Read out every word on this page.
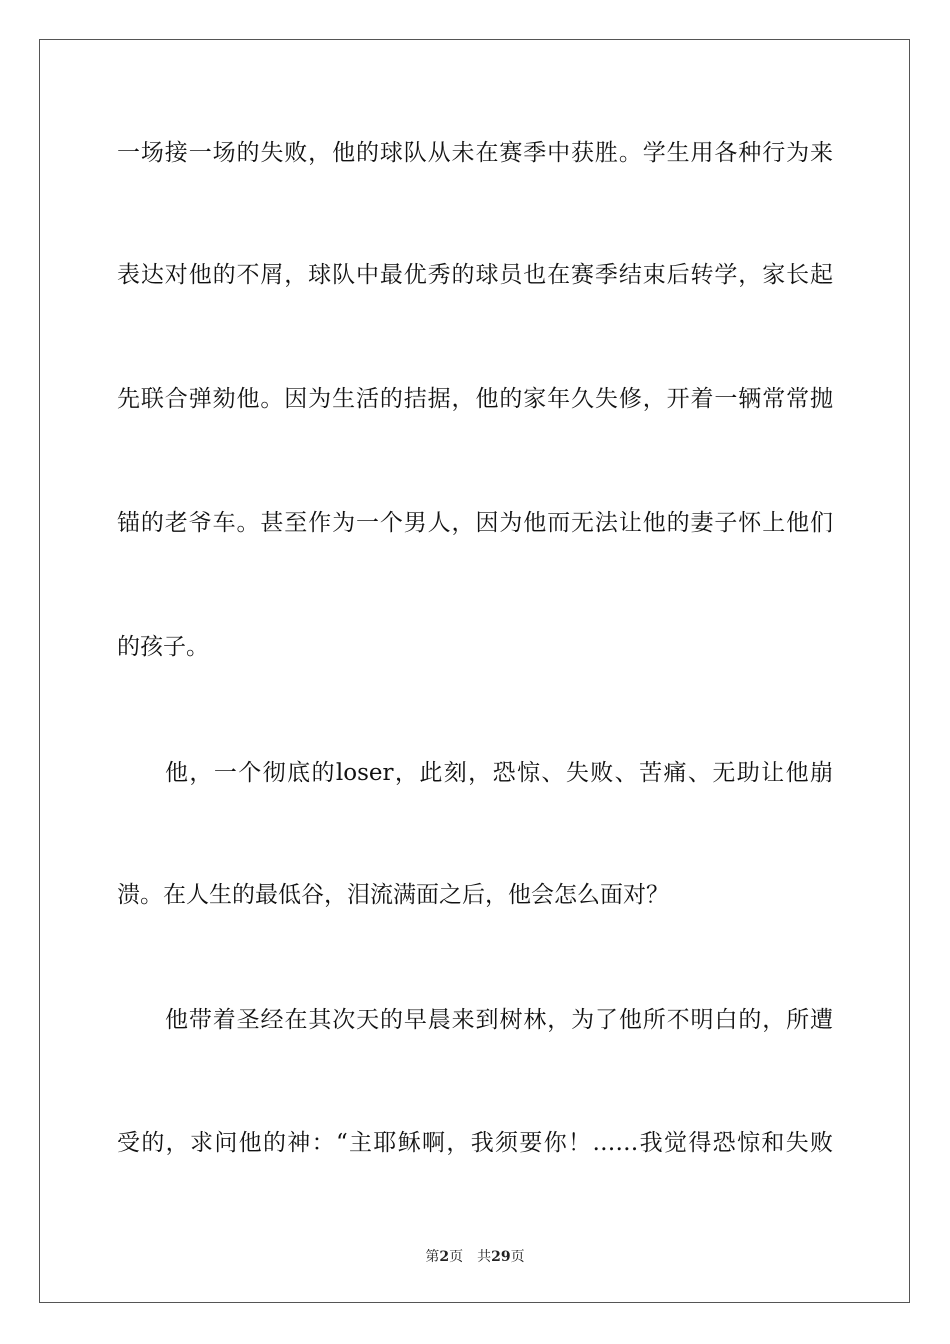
一场接一场的失败，他的球队从未在赛季中获胜。学生用各种行为来
表达对他的不屑，球队中最优秀的球员也在赛季结束后转学，家长起
先联合弹劾他。因为生活的拮据，他的家年久失修，开着一辆常常抛
锚的老爷车。甚至作为一个男人，因为他而无法让他的妻子怀上他们
的孩子。
他，一个彻底的loser，此刻，恐惊、失败、苦痛、无助让他崩
溃。在人生的最低谷，泪流满面之后，他会怎么面对？
他带着圣经在其次天的早晨来到树林，为了他所不明白的，所遭
受的，求问他的神：“主耶稣啊，我须要你！……我觉得恐惊和失败
第2页 共29页
